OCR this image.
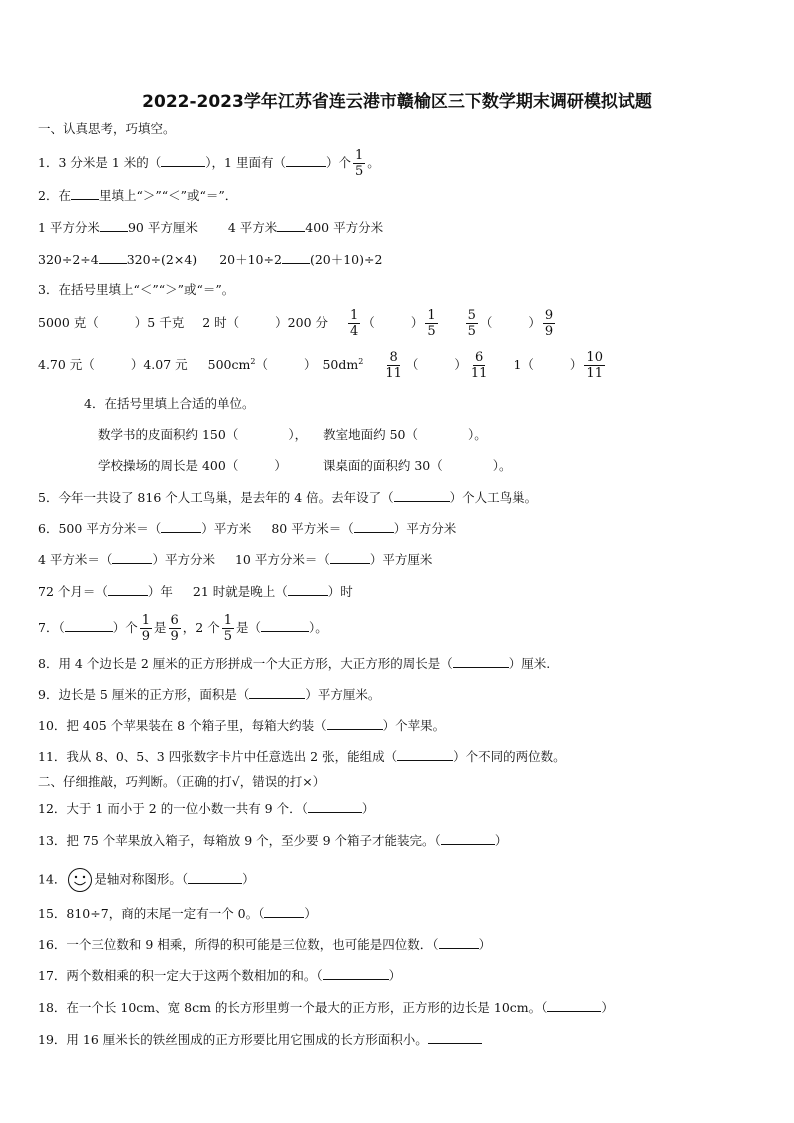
2022-2023学年江苏省连云港市赣榆区三下数学期末调研模拟试题
一、认真思考，巧填空。
1．3 分米是 1 米的（	），1 里面有（	）个 $\frac{1}{5}$ 。
2．在 里填上“＞”“＜”或“＝”．
1 平方分米 90 平方厘米 4 平方米 400 平方分米
320÷2÷4 320÷(2×4) 20＋10÷2 (20＋10)÷2
3．在括号里填上“＜”“＞”或“＝”。
5000 克（	）5 千克 2 时（	）200 分 $\frac{1}{4}$ （	） $\frac{1}{5} \frac{5}{5}$ （	） $\frac{9}{9}$
4.70 元（	）4.07 元 $500cm^2$（	） $50dm^2 \frac{8}{11}$ （	） $\frac{6}{11} 1$（	） $\frac{10}{11}$
4．在括号里填上合适的单位。
数学书的皮面积约 150（	）， 教室地面约 50（	）。
学校操场的周长是 400（	）	课桌面的面积约 30（	）。
5．今年一共设了 816 个人工鸟巢，是去年的 4 倍。去年设了（	）个人工鸟巢。
6．500 平方分米＝（	）平方米 80 平方米＝（	）平方分米
4 平方米＝（	）平方分米 10 平方分米＝（	）平方厘米
72 个月＝（	）年 21 时就是晚上（	）时
7．（	）个 $\frac{1}{9}$ 是 $\frac{6}{9}$ ，2 个 $\frac{1}{5}$ 是（	）。
8．用 4 个边长是 2 厘米的正方形拼成一个大正方形，大正方形的周长是（	）厘米.
9．边长是 5 厘米的正方形，面积是（	）平方厘米。
10．把 405 个苹果装在 8 个箱子里，每箱大约装（	）个苹果。
11．我从 8、0、5、3 四张数字卡片中任意选出 2 张，能组成（	）个不同的两位数。
二、仔细推敲，巧判断。（正确的打√，错误的打×）
12．大于 1 而小于 2 的一位小数一共有 9 个．（	）
13．把 75 个苹果放入箱子，每箱放 9 个，至少要 9 个箱子才能装完。（	）
14． 是轴对称图形。（	）
15．810÷7，商的末尾一定有一个 0。（	）
16．一个三位数和 9 相乘，所得的积可能是三位数，也可能是四位数．（	）
17．两个数相乘的积一定大于这两个数相加的和。（	）
18．在一个长 10cm、宽 8cm 的长方形里剪一个最大的正方形，正方形的边长是 10cm。（	）
19．用 16 厘米长的铁丝围成的正方形要比用它围成的长方形面积小。
